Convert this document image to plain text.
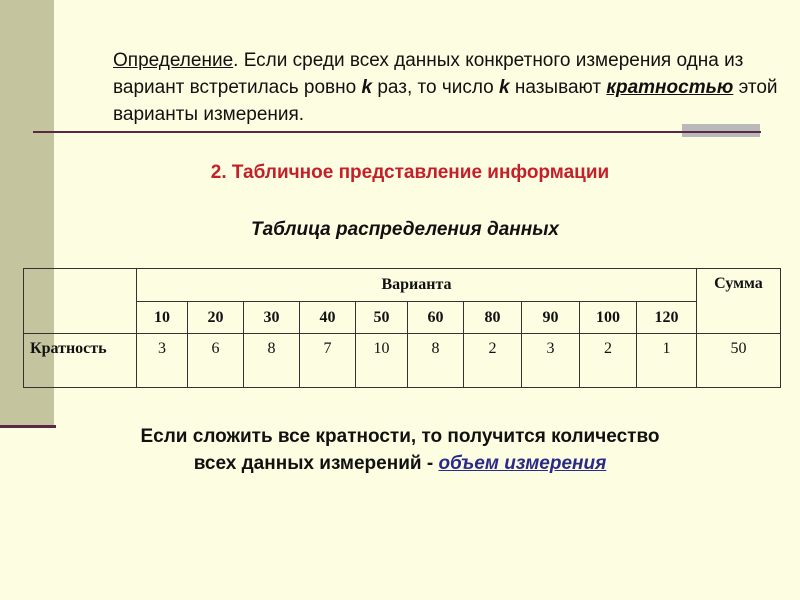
Определение. Если среди всех данных конкретного измерения одна из вариант встретилась ровно k раз, то число k называют кратностью этой варианты измерения.
2. Табличное представление информации
Таблица распределения данных
	Варианта										Сумма
	10	20	30	40	50	60	80	90	100	120	
Кратность	3	6	8	7	10	8	2	3	2	1	50
Если сложить все кратности, то получится количество
всех данных измерений - объем измерения
